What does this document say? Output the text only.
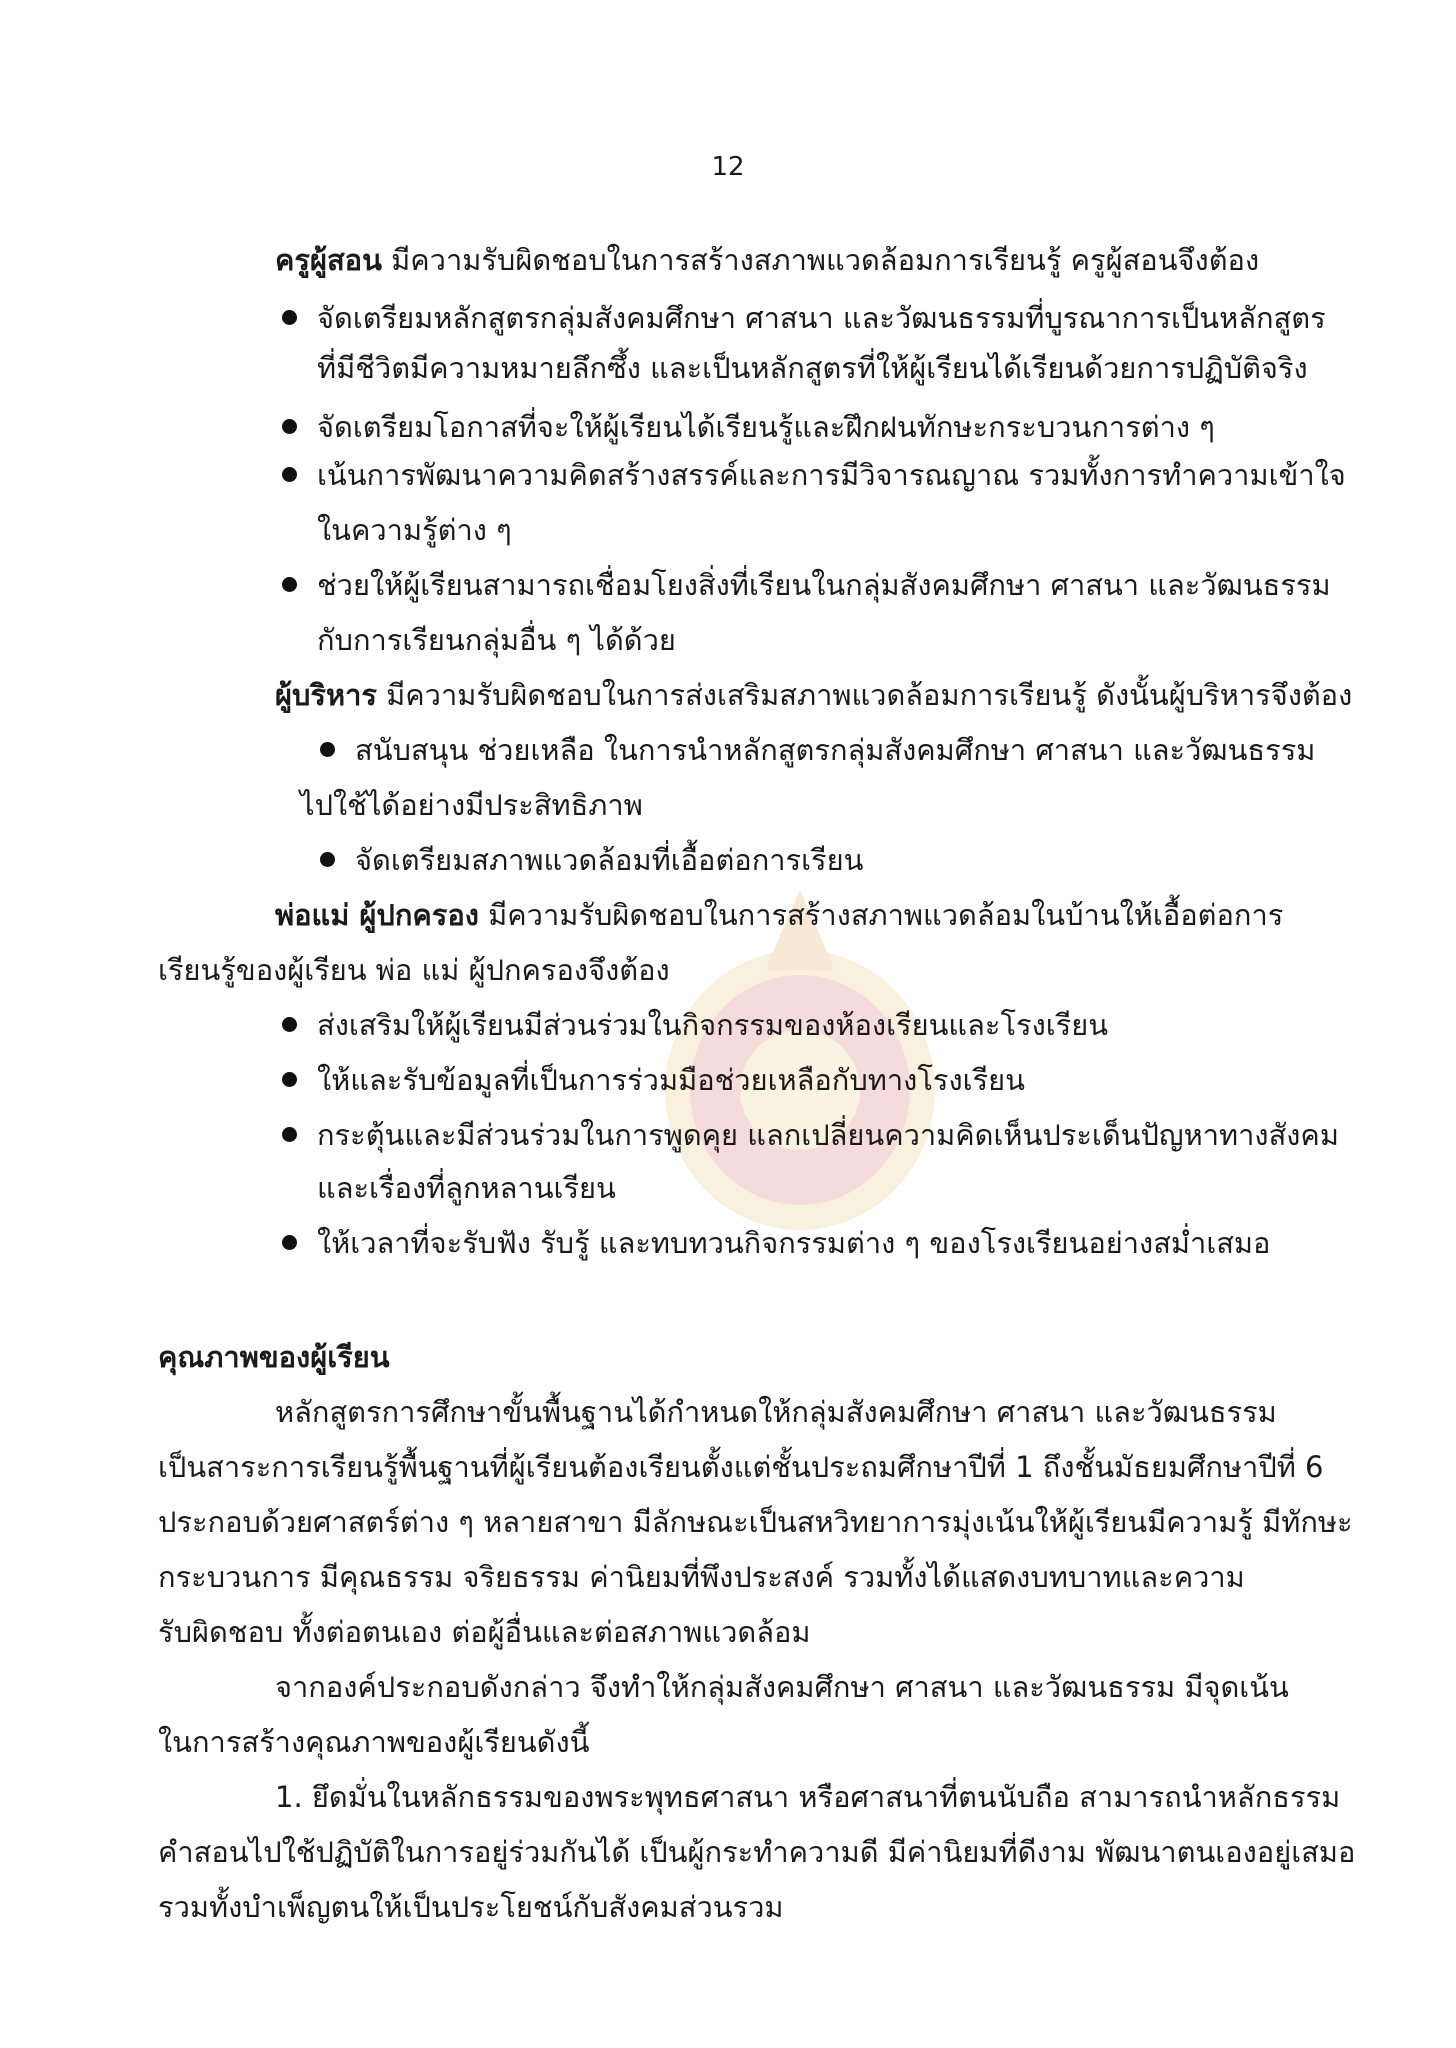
12
ครูผู้สอน มีความรับผิดชอบในการสร้างสภาพแวดล้อมการเรียนรู้ ครูผู้สอนจึงต้อง
จัดเตรียมหลักสูตรกลุ่มสังคมศึกษา ศาสนา และวัฒนธรรมที่บูรณาการเป็นหลักสูตร
ที่มีชีวิตมีความหมายลึกซึ้ง และเป็นหลักสูตรที่ให้ผู้เรียนได้เรียนด้วยการปฏิบัติจริง
จัดเตรียมโอกาสที่จะให้ผู้เรียนได้เรียนรู้และฝึกฝนทักษะกระบวนการต่าง ๆ
เน้นการพัฒนาความคิดสร้างสรรค์และการมีวิจารณญาณ รวมทั้งการทำความเข้าใจ
ในความรู้ต่าง ๆ
ช่วยให้ผู้เรียนสามารถเชื่อมโยงสิ่งที่เรียนในกลุ่มสังคมศึกษา ศาสนา และวัฒนธรรม
กับการเรียนกลุ่มอื่น ๆ ได้ด้วย
ผู้บริหาร มีความรับผิดชอบในการส่งเสริมสภาพแวดล้อมการเรียนรู้ ดังนั้นผู้บริหารจึงต้อง
สนับสนุน ช่วยเหลือ ในการนำหลักสูตรกลุ่มสังคมศึกษา ศาสนา และวัฒนธรรม
ไปใช้ได้อย่างมีประสิทธิภาพ
จัดเตรียมสภาพแวดล้อมที่เอื้อต่อการเรียน
พ่อแม่ ผู้ปกครอง มีความรับผิดชอบในการสร้างสภาพแวดล้อมในบ้านให้เอื้อต่อการ
เรียนรู้ของผู้เรียน พ่อ แม่ ผู้ปกครองจึงต้อง
ส่งเสริมให้ผู้เรียนมีส่วนร่วมในกิจกรรมของห้องเรียนและโรงเรียน
ให้และรับข้อมูลที่เป็นการร่วมมือช่วยเหลือกับทางโรงเรียน
กระตุ้นและมีส่วนร่วมในการพูดคุย แลกเปลี่ยนความคิดเห็นประเด็นปัญหาทางสังคม
และเรื่องที่ลูกหลานเรียน
ให้เวลาที่จะรับฟัง รับรู้ และทบทวนกิจกรรมต่าง ๆ ของโรงเรียนอย่างสม่ำเสมอ
คุณภาพของผู้เรียน
หลักสูตรการศึกษาขั้นพื้นฐานได้กำหนดให้กลุ่มสังคมศึกษา ศาสนา และวัฒนธรรม
เป็นสาระการเรียนรู้พื้นฐานที่ผู้เรียนต้องเรียนตั้งแต่ชั้นประถมศึกษาปีที่ 1 ถึงชั้นมัธยมศึกษาปีที่ 6
ประกอบด้วยศาสตร์ต่าง ๆ หลายสาขา มีลักษณะเป็นสหวิทยาการมุ่งเน้นให้ผู้เรียนมีความรู้ มีทักษะ
กระบวนการ มีคุณธรรม จริยธรรม ค่านิยมที่พึงประสงค์ รวมทั้งได้แสดงบทบาทและความ
รับผิดชอบ ทั้งต่อตนเอง ต่อผู้อื่นและต่อสภาพแวดล้อม
จากองค์ประกอบดังกล่าว จึงทำให้กลุ่มสังคมศึกษา ศาสนา และวัฒนธรรม มีจุดเน้น
ในการสร้างคุณภาพของผู้เรียนดังนี้
1. ยึดมั่นในหลักธรรมของพระพุทธศาสนา หรือศาสนาที่ตนนับถือ สามารถนำหลักธรรม
คำสอนไปใช้ปฏิบัติในการอยู่ร่วมกันได้ เป็นผู้กระทำความดี มีค่านิยมที่ดีงาม พัฒนาตนเองอยู่เสมอ
รวมทั้งบำเพ็ญตนให้เป็นประโยชน์กับสังคมส่วนรวม
